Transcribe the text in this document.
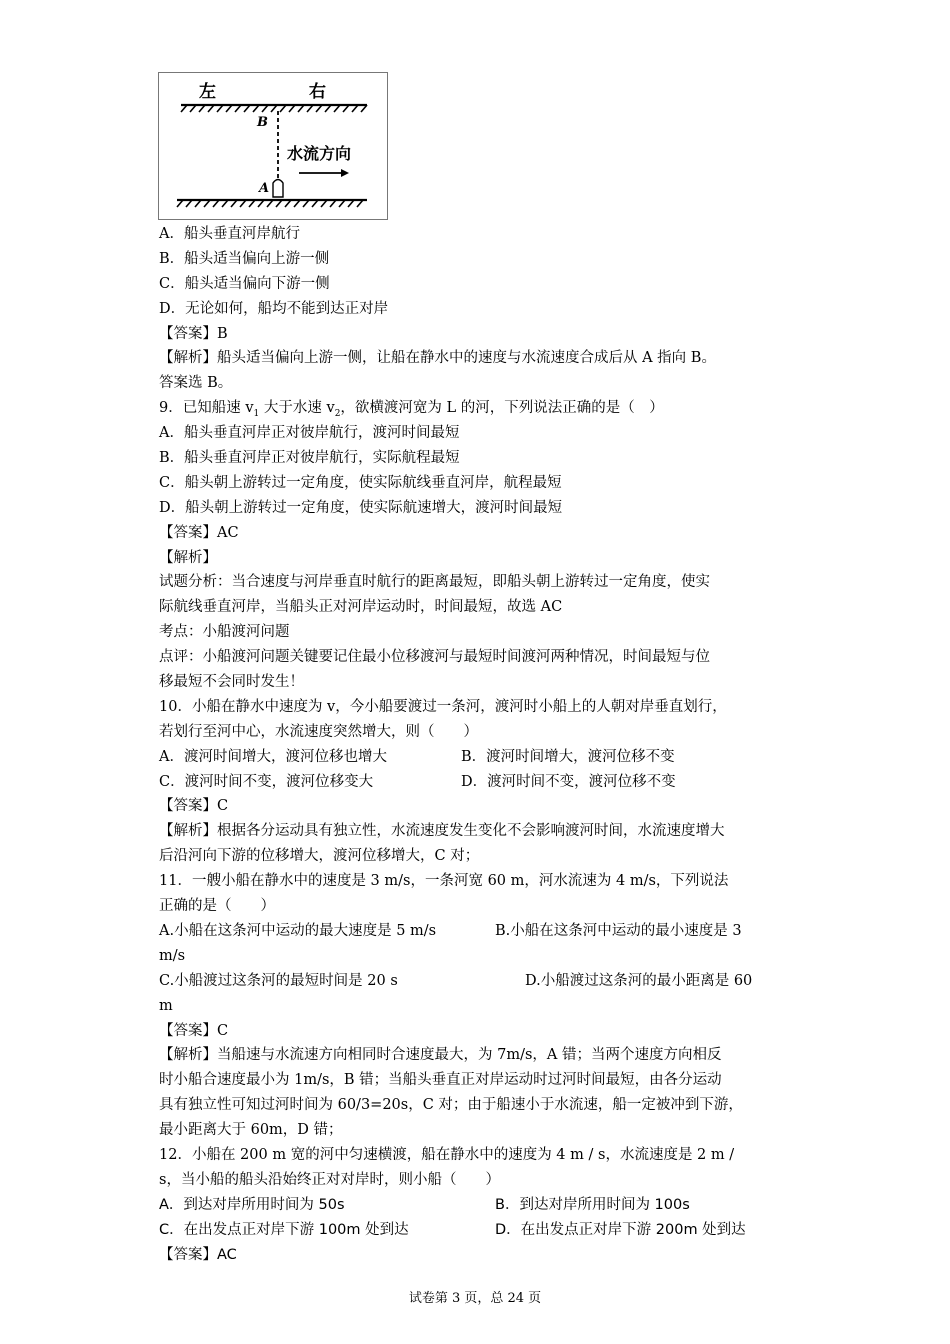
左	右
B
A
水流方向
A．船头垂直河岸航行
B．船头适当偏向上游一侧
C．船头适当偏向下游一侧
D．无论如何，船均不能到达正对岸
【答案】B
【解析】船头适当偏向上游一侧，让船在静水中的速度与水流速度合成后从 A 指向 B。
答案选 B。
9．已知船速 $v_1$ 大于水速 $v_2$，欲横渡河宽为 L 的河，下列说法正确的是（　）
A．船头垂直河岸正对彼岸航行，渡河时间最短
B．船头垂直河岸正对彼岸航行，实际航程最短
C．船头朝上游转过一定角度，使实际航线垂直河岸，航程最短
D．船头朝上游转过一定角度，使实际航速增大，渡河时间最短
【答案】AC
【解析】
试题分析：当合速度与河岸垂直时航行的距离最短，即船头朝上游转过一定角度，使实
际航线垂直河岸，当船头正对河岸运动时，时间最短，故选 AC
考点：小船渡河问题
点评：小船渡河问题关键要记住最小位移渡河与最短时间渡河两种情况，时间最短与位
移最短不会同时发生！
10．小船在静水中速度为 v，今小船要渡过一条河，渡河时小船上的人朝对岸垂直划行，
若划行至河中心，水流速度突然增大，则（　　）
A．渡河时间增大，渡河位移也增大	B．渡河时间增大，渡河位移不变
C．渡河时间不变，渡河位移变大	D．渡河时间不变，渡河位移不变
【答案】C
【解析】根据各分运动具有独立性，水流速度发生变化不会影响渡河时间，水流速度增大
后沿河向下游的位移增大，渡河位移增大，C 对；
11．一艘小船在静水中的速度是 3 m/s，一条河宽 60 m，河水流速为 4 m/s，下列说法
正确的是（　　）
A.小船在这条河中运动的最大速度是 5 m/s	B.小船在这条河中运动的最小速度是 3
m/s
C.小船渡过这条河的最短时间是 20 s	D.小船渡过这条河的最小距离是 60
m
【答案】C
【解析】当船速与水流速方向相同时合速度最大，为 7m/s，A 错；当两个速度方向相反
时小船合速度最小为 1m/s，B 错；当船头垂直正对岸运动时过河时间最短，由各分运动
具有独立性可知过河时间为 60/3=20s，C 对；由于船速小于水流速，船一定被冲到下游，
最小距离大于 60m，D 错；
12．小船在 200 m 宽的河中匀速横渡，船在静水中的速度为 4 m / s，水流速度是 2 m /
s，当小船的船头沿始终正对对岸时，则小船（　　）
A．到达对岸所用时间为 50s	B．到达对岸所用时间为 100s
C．在出发点正对岸下游 100m 处到达	D．在出发点正对岸下游 200m 处到达
【答案】AC
试卷第 3 页，总 24 页
